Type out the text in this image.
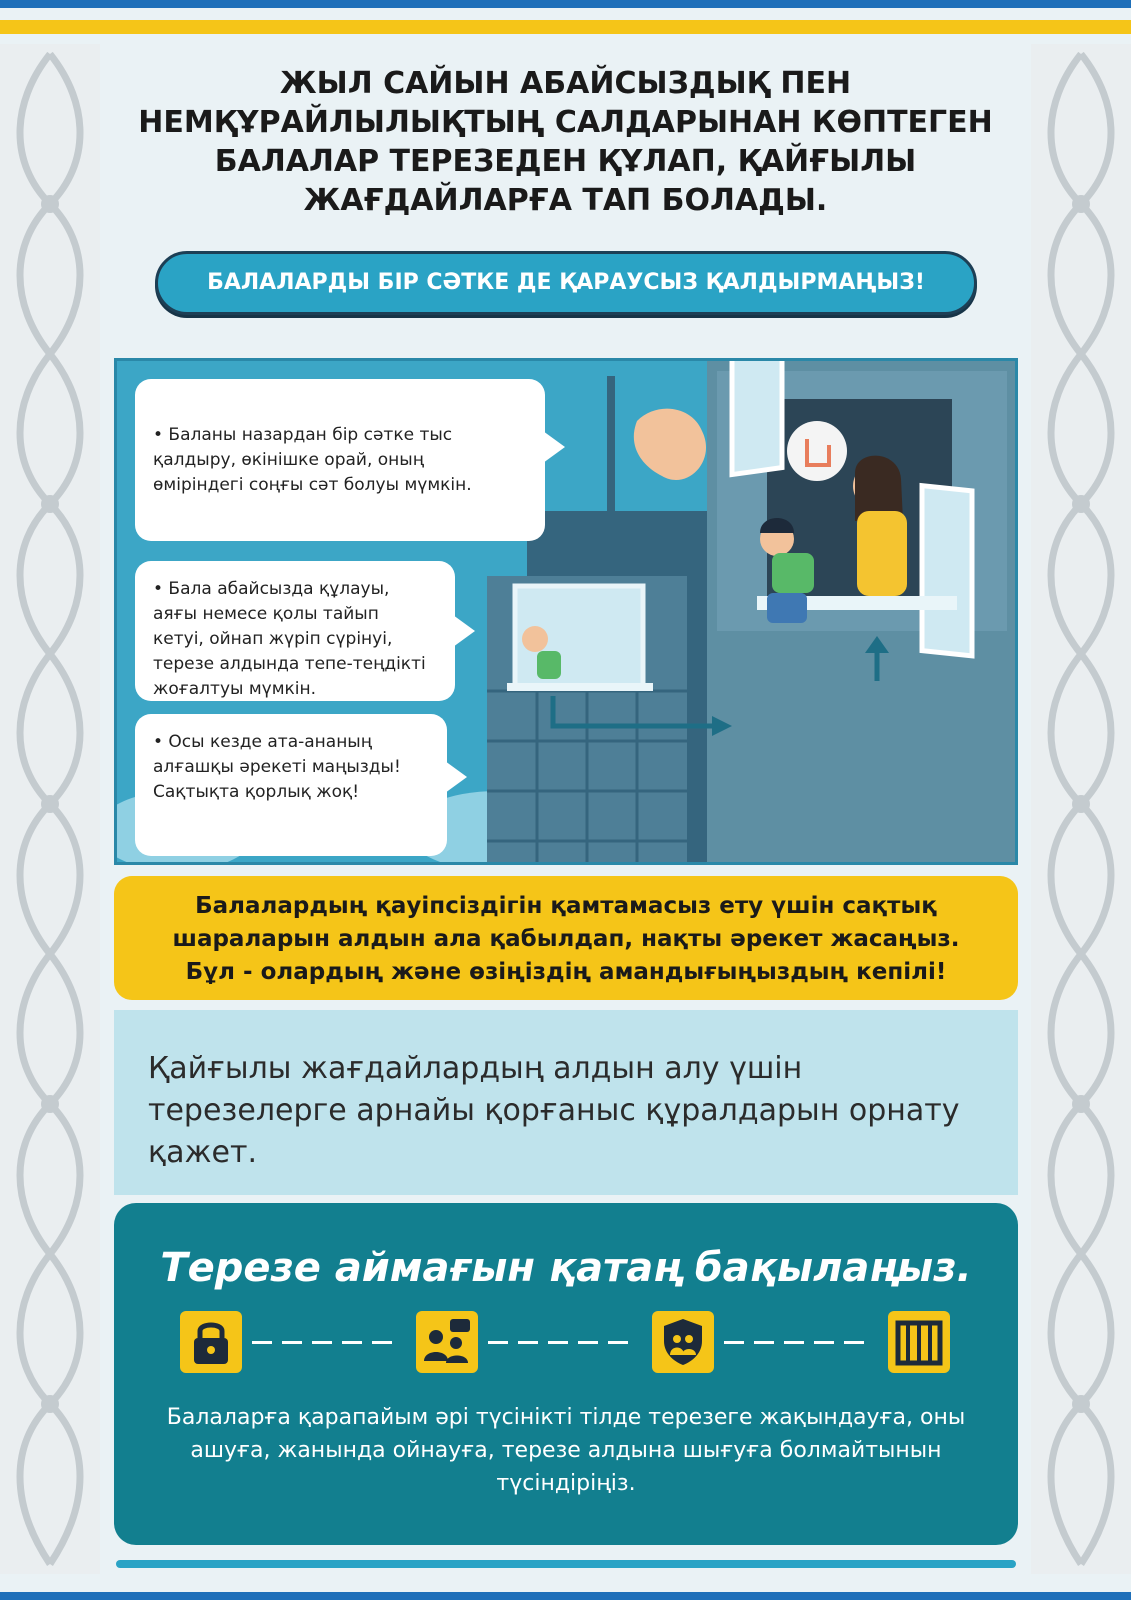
ЖЫЛ САЙЫН АБАЙСЫЗДЫҚ ПЕН
НЕМҚҰРАЙЛЫЛЫҚТЫҢ САЛДАРЫНАН КӨПТЕГЕН
БАЛАЛАР ТЕРЕЗЕДЕН ҚҰЛАП, ҚАЙҒЫЛЫ
ЖАҒДАЙЛАРҒА ТАП БОЛАДЫ.
БАЛАЛАРДЫ БІР СӘТКЕ ДЕ ҚАРАУСЫЗ ҚАЛДЫРМАҢЫЗ!
• Баланы назардан бір сәтке тыс
қалдыру, өкінішке орай, оның
өміріндегі соңғы сәт болуы мүмкін.
• Бала абайсызда құлауы,
аяғы немесе қолы тайып
кетуі, ойнап жүріп сүрінуі,
терезе алдында тепе-теңдікті
жоғалтуы мүмкін.
• Осы кезде ата-ананың
алғашқы әрекеті маңызды!
Сақтықта қорлық жоқ!
Балалардың қауіпсіздігін қамтамасыз ету үшін сақтық
шараларын алдын ала қабылдап, нақты әрекет жасаңыз.
Бұл - олардың және өзіңіздің амандығыңыздың кепілі!

Қайғылы жағдайлардың алдын алу үшін терезелерге арнайы қорғаныс құралдарын орнату қажет.

Терезе аймағын қатаң бақылаңыз.
Балаларға қарапайым әрі түсінікті тілде терезеге жақындауға, оны ашуға, жанында ойнауға, терезе алдына шығуға болмайтынын түсіндіріңіз.
